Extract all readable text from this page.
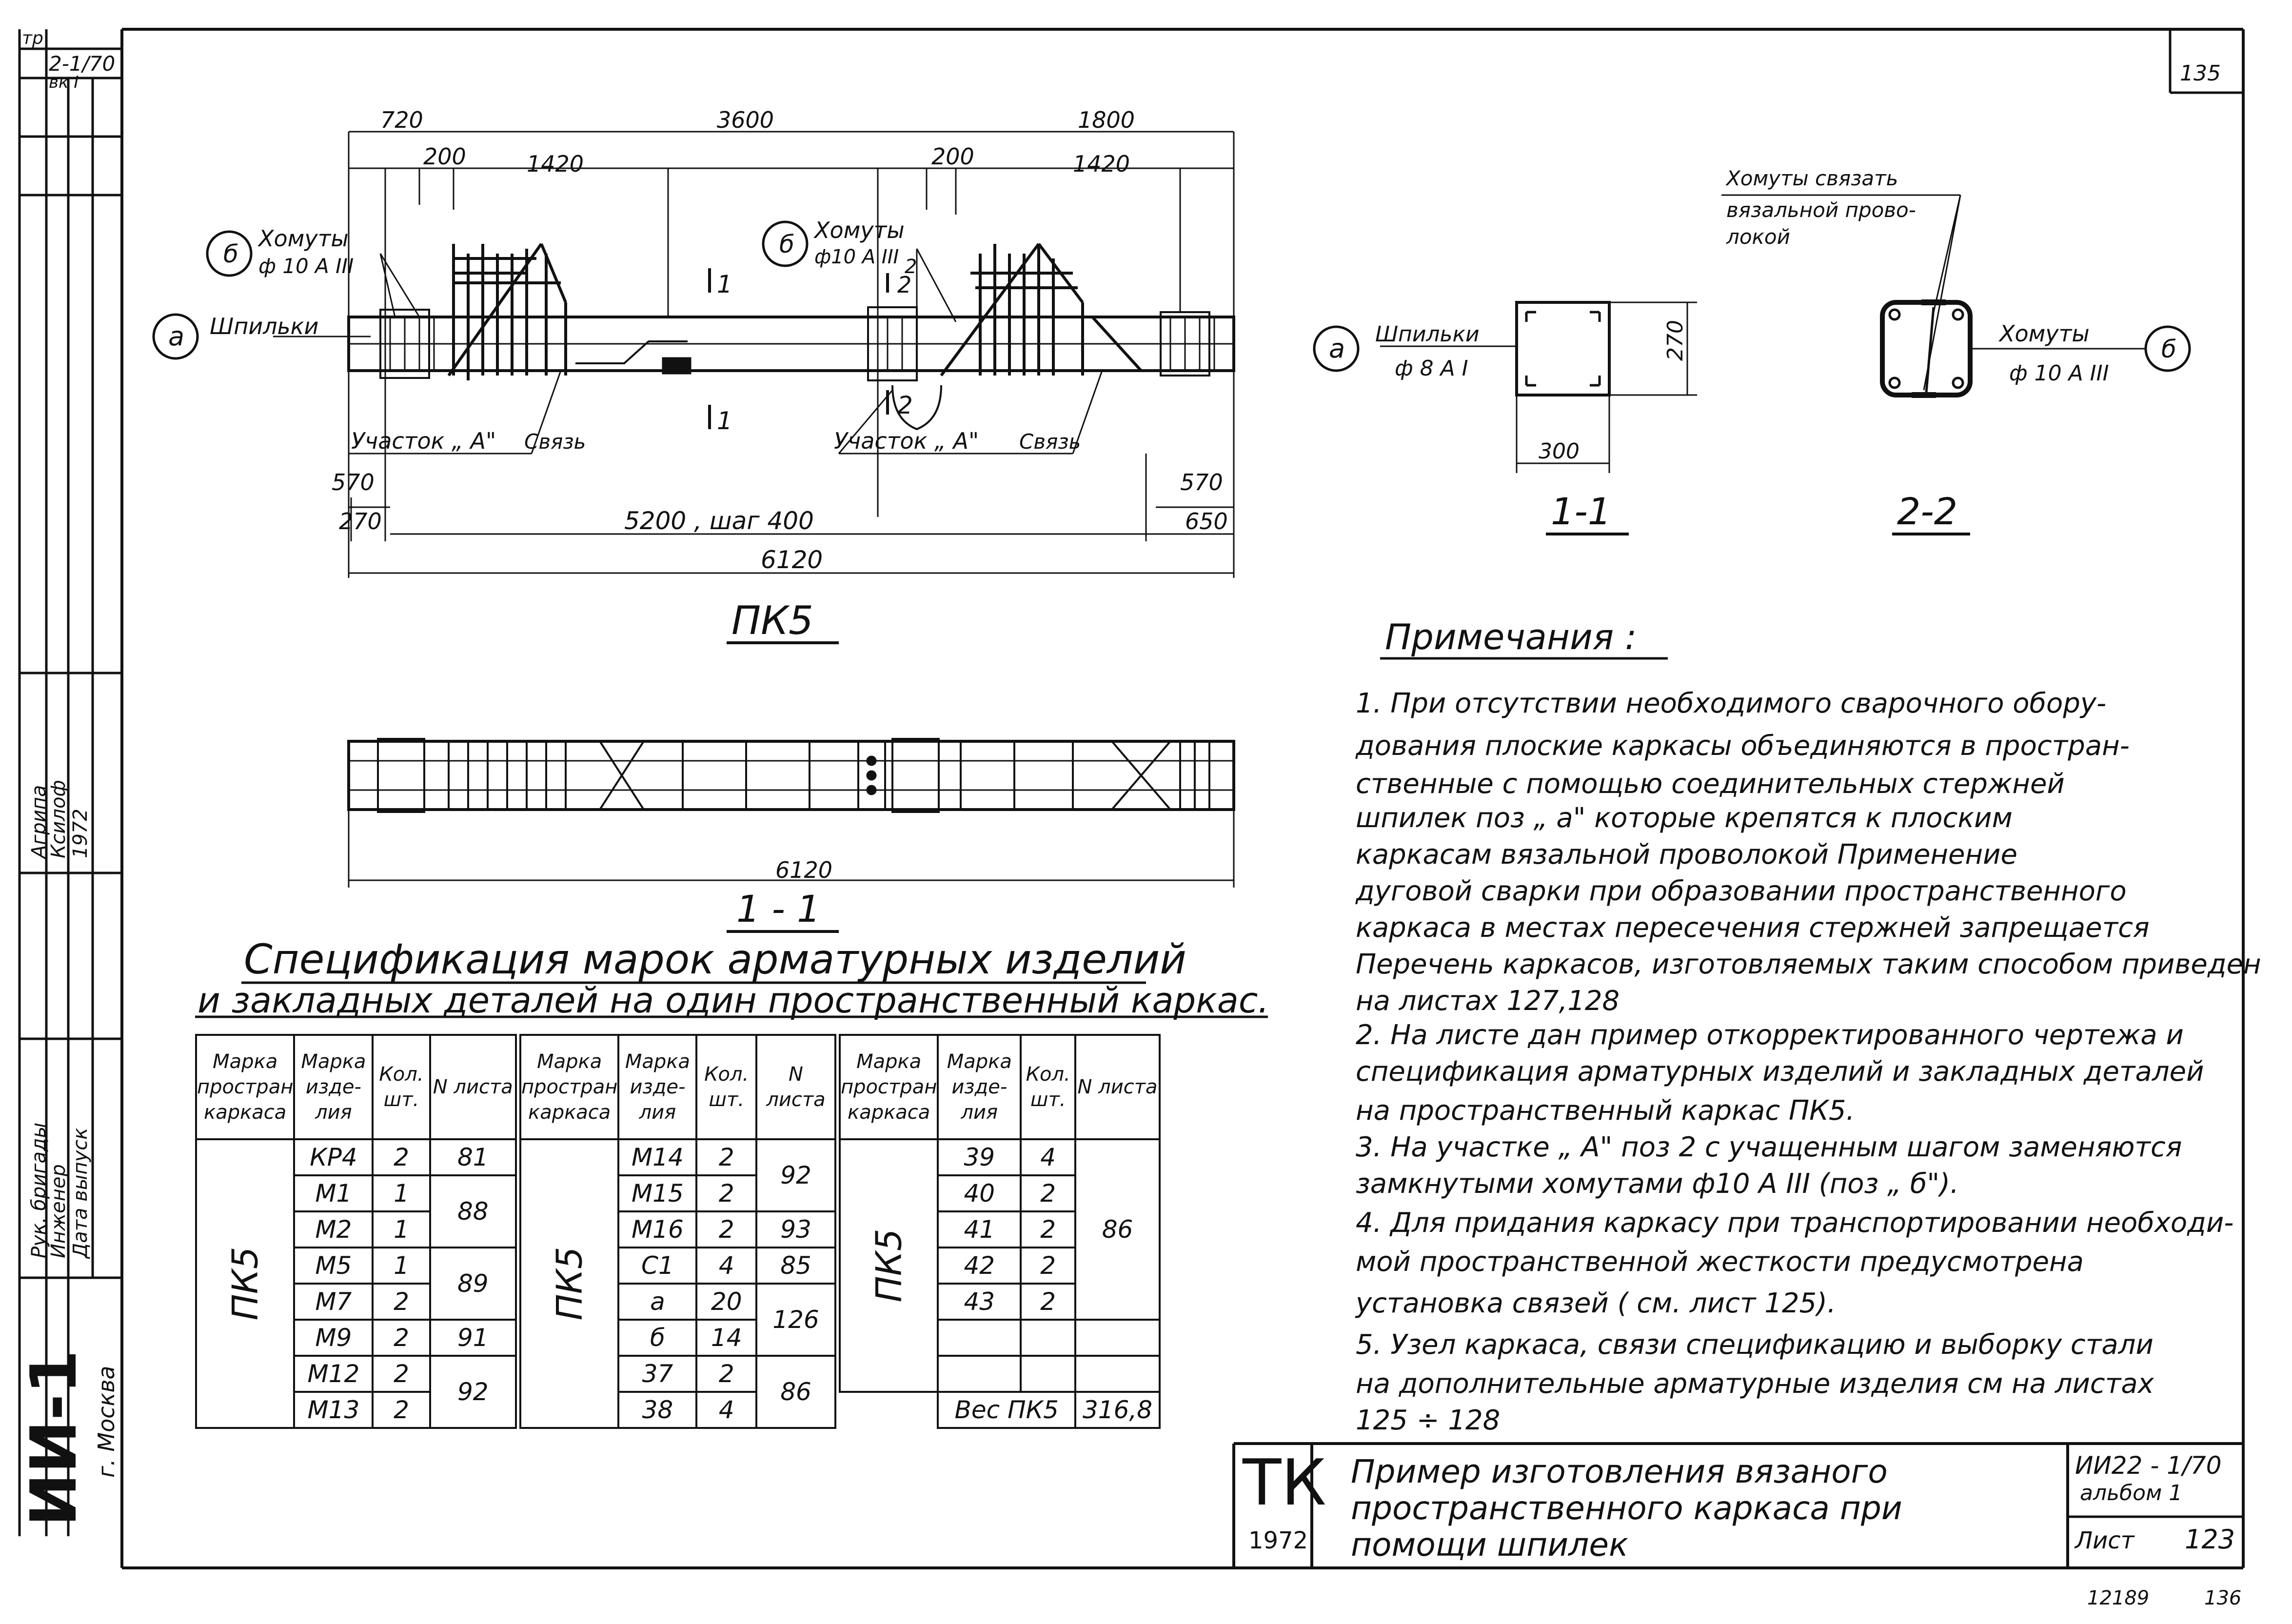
720	3600	1800
200	1420	200	1420
570	570
270	5200 , шаг 400	650
6120
ПК5
б
Хомуты
ф 10 А III
б Хомуты
ф10 А III
а Шпильки
1
1
2
2
2
Участок „ А" Связь	Участок „ А" Связь
6120
1 - 1
300
270
1-1	2-2
а Шпильки
ф 8 А I
б
Хомуты
ф 10 А III
Хомуты связать
вязальной прово-
локой
135
12189	136
тр
2-1/70
вк I
Спецификация марок арматурных изделий
и закладных деталей на один пространственный каркас.
Марка простран каркаса	Марка изде- лия	Кол. шт.	N листа
ПК5	КР4	2	81
	М1	1	88
	М2	1	
	М5	1	89
	М7	2	
	М9	2	91
	М12	2	92
	М13	2	
Марка простран каркаса	Марка изде- лия	Кол. шт.	N листа
ПК5	М14	2	92
	М15	2	
	М16	2	93
	С1	4	85
	а	20	126
	б	14	
	37	2	86
	38	4	
Марка простран каркаса	Марка изде- лия	Кол. шт.	N листа
ПК5	39	4	86
	40	2	
	41	2	
	42	2	
	43	2	

	Вес ПК5		316,8
Примечания :
1. При отсутствии необходимого сварочного обору-
дования плоские каркасы объединяются в простран-
ственные с помощью соединительных стержней
шпилек поз „ а" которые крепятся к плоским
каркасам вязальной проволокой Применение
дуговой сварки при образовании пространственного
каркаса в местах пересечения стержней запрещается
Перечень каркасов, изготовляемых таким способом приведен
на листах 127,128
2. На листе дан пример откорректированного чертежа и
спецификация арматурных изделий и закладных деталей
на пространственный каркас ПК5.
3. На участке „ А" поз 2 с учащенным шагом заменяются
замкнутыми хомутами ф10 А III (поз „ б").
4. Для придания каркасу при транспортировании необходи-
мой пространственной жесткости предусмотрена
установка связей ( см. лист 125).
5. Узел каркаса, связи спецификацию и выборку стали
на дополнительные арматурные изделия см на листах
125 ÷ 128
ТК
1972
Пример изготовления вязаного
пространственного каркаса при
помощи шпилек
ИИ22 - 1/70
альбом 1
Лист 123
Рук. бригады
Инженер Дата выпуск
Агрипа
Ксилоф 1972
ИИ-1 г. Москва
